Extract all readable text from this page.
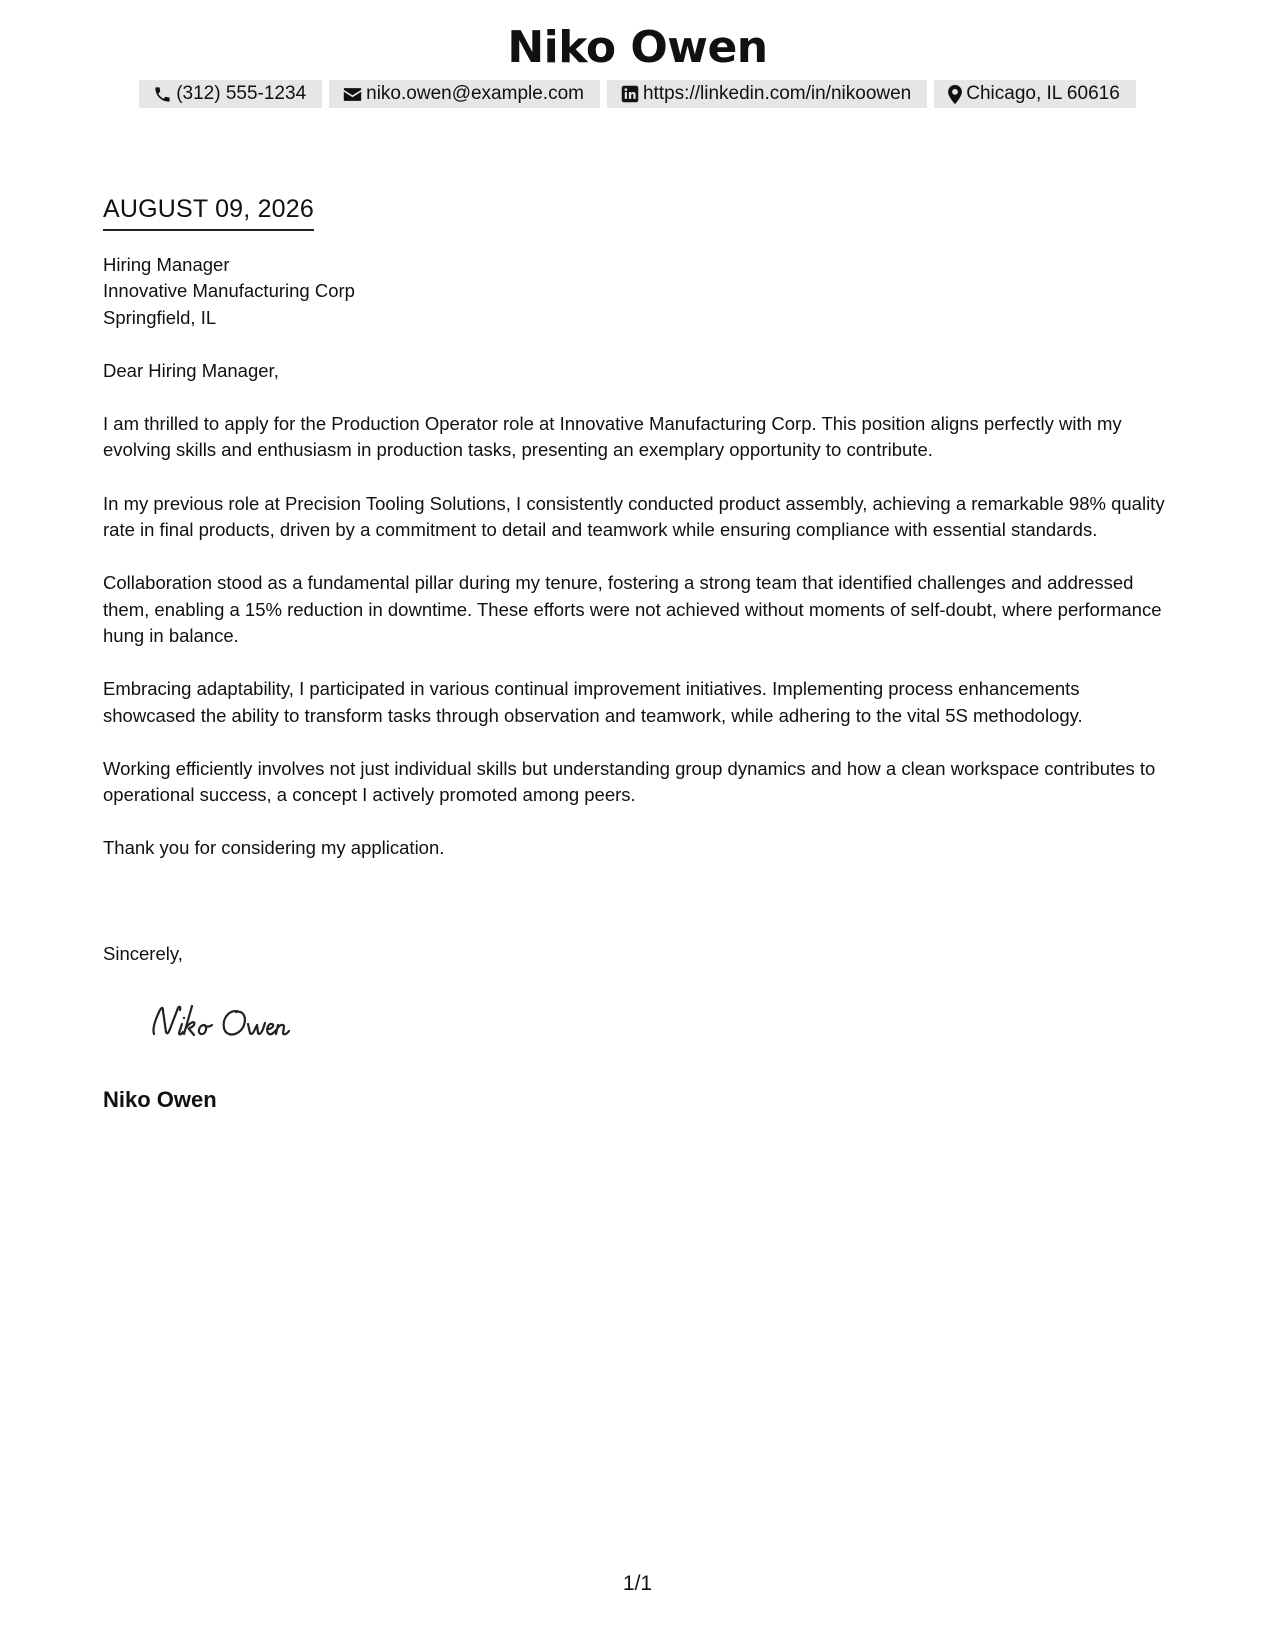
Niko Owen
(312) 555-1234	niko.owen@example.com	https://linkedin.com/in/nikoowen	Chicago, IL 60616
AUGUST 09, 2026
Hiring Manager
Innovative Manufacturing Corp
Springfield, IL
Dear Hiring Manager,
I am thrilled to apply for the Production Operator role at Innovative Manufacturing Corp. This position aligns perfectly with my evolving skills and enthusiasm in production tasks, presenting an exemplary opportunity to contribute.
In my previous role at Precision Tooling Solutions, I consistently conducted product assembly, achieving a remarkable 98% quality rate in final products, driven by a commitment to detail and teamwork while ensuring compliance with essential standards.
Collaboration stood as a fundamental pillar during my tenure, fostering a strong team that identified challenges and addressed them, enabling a 15% reduction in downtime. These efforts were not achieved without moments of self-doubt, where performance hung in balance.
Embracing adaptability, I participated in various continual improvement initiatives. Implementing process enhancements showcased the ability to transform tasks through observation and teamwork, while adhering to the vital 5S methodology.
Working efficiently involves not just individual skills but understanding group dynamics and how a clean workspace contributes to operational success, a concept I actively promoted among peers.
Thank you for considering my application.
Sincerely,
Niko Owen
1/1
